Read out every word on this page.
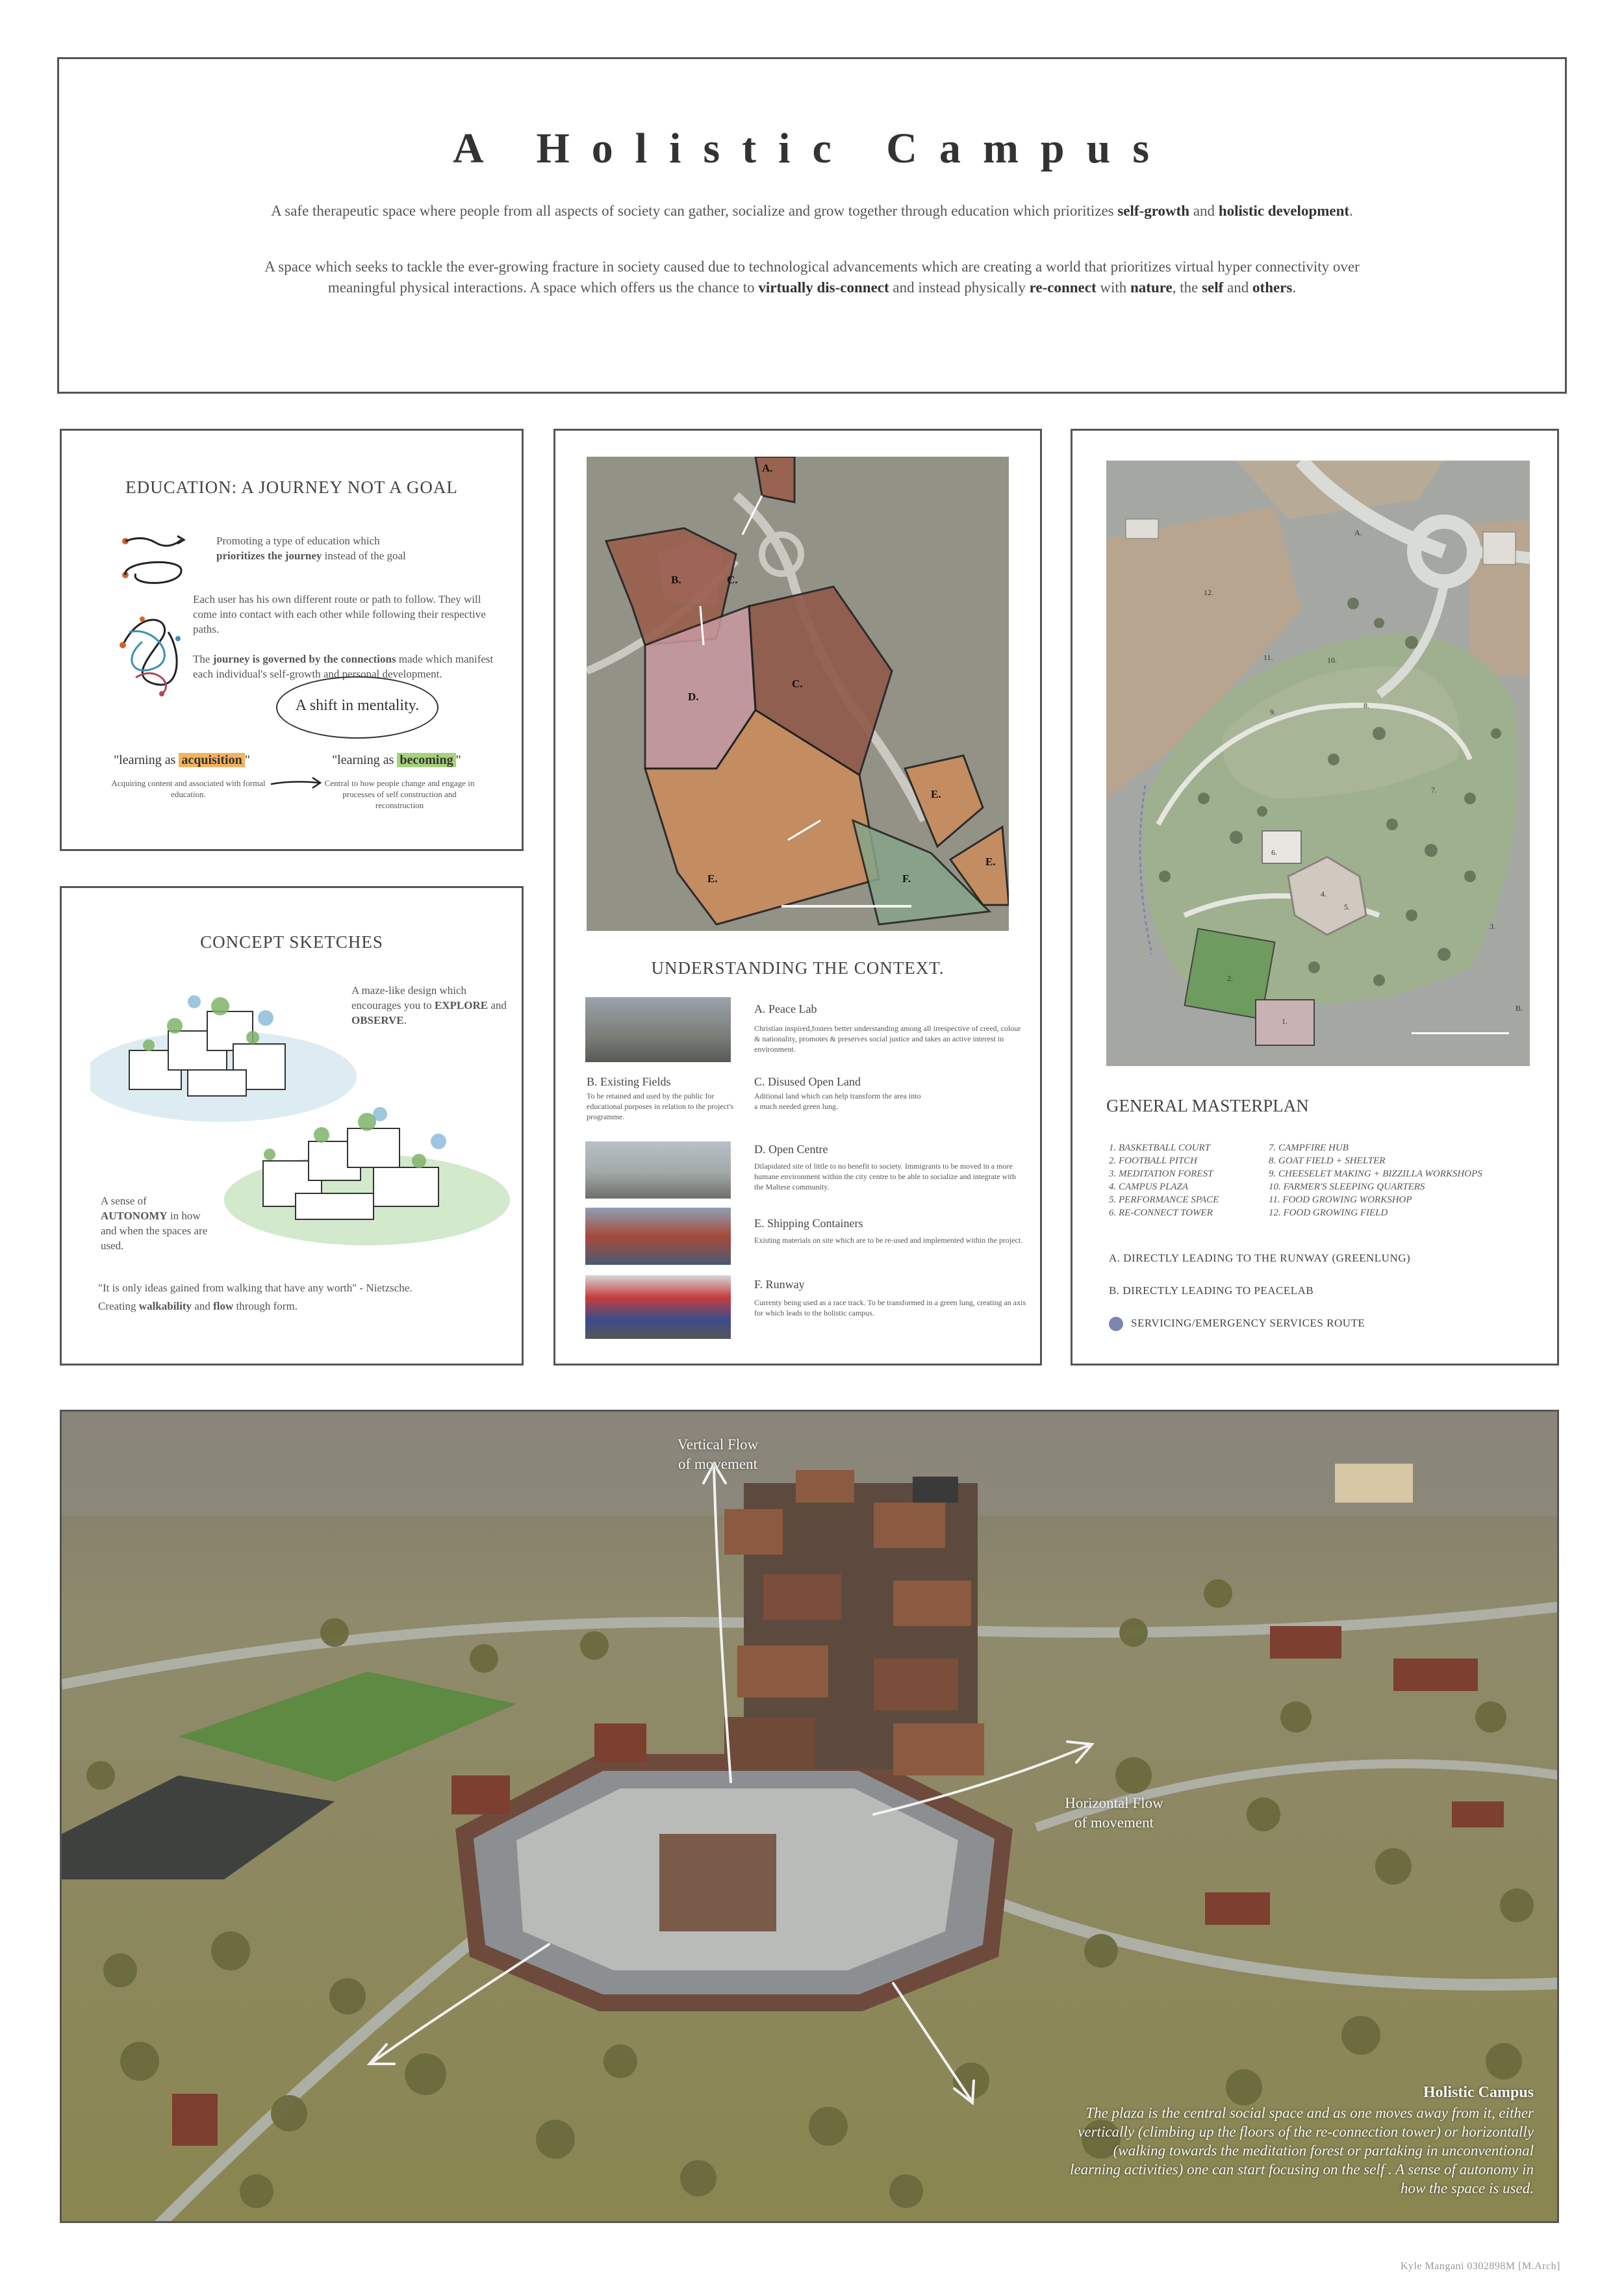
A Holistic Campus
A safe therapeutic space where people from all aspects of society can gather, socialize and grow together through education which prioritizes self-growth and holistic development.
A space which seeks to tackle the ever-growing fracture in society caused due to technological advancements which are creating a world that prioritizes virtual hyper connectivity over meaningful physical interactions. A space which offers us the chance to virtually dis-connect and instead physically re-connect with nature, the self and others.
EDUCATION: A JOURNEY NOT A GOAL
Promoting a type of education which
prioritizes the journey instead of the goal
Each user has his own different route or path to follow. They will come into contact with each other while following their respective paths.
The journey is governed by the connections made which manifest each individual's self-growth and personal development.
A shift in mentality.
"learning as acquisition "
Acquiring content and associated with formal education.
"learning as becoming "
Central to how people change and engage in processes of self construction and reconstruction
CONCEPT SKETCHES
A maze-like design which encourages you to EXPLORE and OBSERVE.
A sense of AUTONOMY in how and when the spaces are used.
"It is only ideas gained from walking that have any worth" - Nietzsche.
Creating walkability and flow through form.
A.
B.	C.
C.
D.
E.
E.
E.
F.
UNDERSTANDING THE CONTEXT.
A. Peace Lab
Christian inspired,fosters better understanding among all irrespective of creed, colour & nationality, promotes & preserves social justice and takes an active interest in environment.
B. Existing Fields
To be retained and used by the public for educational purposes in relation to the project's programme.
C. Disused Open Land
Aditional land which can help transform the area into a much needed green lung.
D. Open Centre
Dilapidated site of little to no benefit to society. Immigrants to be moved in a more humane environment within the city centre to be able to socialize and integrate with the Maltese community.
E. Shipping Containers
Existing materials on site which are to be re-used and implemented within the project.
F. Runway
Currenty being used as a race track. To be transformed in a green lung, creating an axis for which leads to the holistic campus.
12.
11.	10.
9.
8.
7.
6.
5.
4.
3.
2.
1.
A.
B.
GENERAL MASTERPLAN
1. BASKETBALL COURT
2. FOOTBALL PITCH
3. MEDITATION FOREST
4. CAMPUS PLAZA
5. PERFORMANCE SPACE
6. RE-CONNECT TOWER
7. CAMPFIRE HUB
8. GOAT FIELD + SHELTER
9. CHEESELET MAKING + BIZZILLA WORKSHOPS
10. FARMER'S SLEEPING QUARTERS
11. FOOD GROWING WORKSHOP
12. FOOD GROWING FIELD
A. DIRECTLY LEADING TO THE RUNWAY (GREENLUNG)
B. DIRECTLY LEADING TO PEACELAB
SERVICING/EMERGENCY SERVICES ROUTE
Vertical Flow
of movement
Horizontal Flow
of movement
Holistic Campus
The plaza is the central social space and as one moves away from it, either vertically (climbing up the floors of the re-connection tower) or horizontally (walking towards the meditation forest or partaking in unconventional learning activities) one can start focusing on the self . A sense of autonomy in how the space is used.
Kyle Mangani 0302898M [M.Arch]
